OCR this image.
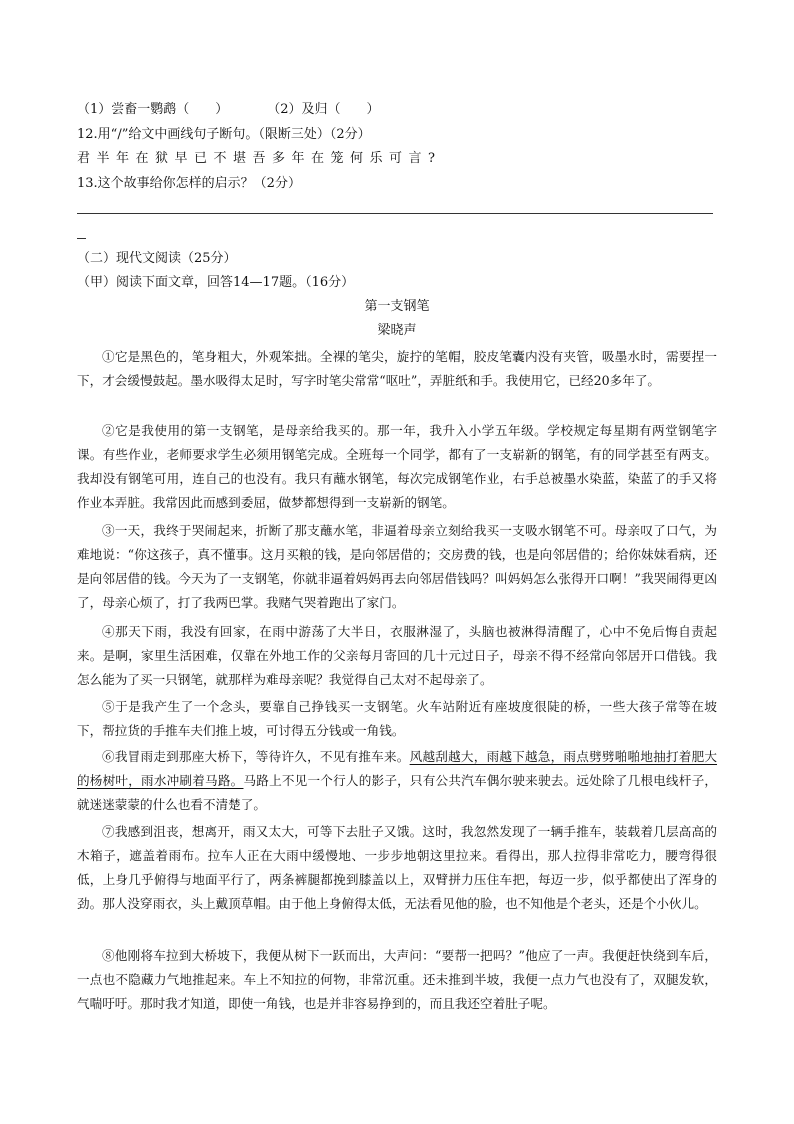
（1）尝畜一鹦鹉（　　）　　　　（2）及归（　　）
12.用“/”给文中画线句子断句。（限断三处）（2分）
君半年在狱早已不堪吾多年在笼何乐可言?
13.这个故事给你怎样的启示？（2分）
（二）现代文阅读（25分）
（甲）阅读下面文章，回答14—17题。（16分）
第一支钢笔
梁晓声

①它是黑色的，笔身粗大，外观笨拙。全裸的笔尖，旋拧的笔帽，胶皮笔囊内没有夹管，吸墨水时，需要捏一下，才会缓慢鼓起。墨水吸得太足时，写字时笔尖常常“呕吐”，弄脏纸和手。我使用它，已经20多年了。

②它是我使用的第一支钢笔，是母亲给我买的。那一年，我升入小学五年级。学校规定每星期有两堂钢笔字课。有些作业，老师要求学生必须用钢笔完成。全班每一个同学，都有了一支崭新的钢笔，有的同学甚至有两支。我却没有钢笔可用，连自己的也没有。我只有蘸水钢笔，每次完成钢笔作业，右手总被墨水染蓝，染蓝了的手又将作业本弄脏。我常因此而感到委屈，做梦都想得到一支崭新的钢笔。

③一天，我终于哭闹起来，折断了那支蘸水笔，非逼着母亲立刻给我买一支吸水钢笔不可。母亲叹了口气，为难地说：“你这孩子，真不懂事。这月买粮的钱，是向邻居借的；交房费的钱，也是向邻居借的；给你妹妹看病，还是向邻居借的钱。今天为了一支钢笔，你就非逼着妈妈再去向邻居借钱吗？叫妈妈怎么张得开口啊！”我哭闹得更凶了，母亲心烦了，打了我两巴掌。我赌气哭着跑出了家门。

④那天下雨，我没有回家，在雨中游荡了大半日，衣服淋湿了，头脑也被淋得清醒了，心中不免后悔自责起来。是啊，家里生活困难，仅靠在外地工作的父亲每月寄回的几十元过日子，母亲不得不经常向邻居开口借钱。我怎么能为了买一只钢笔，就那样为难母亲呢？我觉得自己太对不起母亲了。

⑤于是我产生了一个念头，要靠自己挣钱买一支钢笔。火车站附近有座坡度很陡的桥，一些大孩子常等在坡下，帮拉货的手推车夫们推上坡，可讨得五分钱或一角钱。

⑥我冒雨走到那座大桥下，等待许久，不见有推车来。风越刮越大，雨越下越急，雨点劈劈啪啪地抽打着肥大的杨树叶，雨水冲刷着马路。马路上不见一个行人的影子，只有公共汽车偶尔驶来驶去。远处除了几根电线杆子，就迷迷蒙蒙的什么也看不清楚了。

⑦我感到沮丧，想离开，雨又太大，可等下去肚子又饿。这时，我忽然发现了一辆手推车，装载着几层高高的木箱子，遮盖着雨布。拉车人正在大雨中缓慢地、一步步地朝这里拉来。看得出，那人拉得非常吃力，腰弯得很低，上身几乎俯得与地面平行了，两条裤腿都挽到膝盖以上，双臂拼力压住车把，每迈一步，似乎都使出了浑身的劲。那人没穿雨衣，头上戴顶草帽。由于他上身俯得太低，无法看见他的脸，也不知他是个老头，还是个小伙儿。

⑧他刚将车拉到大桥坡下，我便从树下一跃而出，大声问：“要帮一把吗？”他应了一声。我便赶快绕到车后，一点也不隐藏力气地推起来。车上不知拉的何物，非常沉重。还未推到半坡，我便一点力气也没有了，双腿发软，气喘吁吁。那时我才知道，即使一角钱，也是并非容易挣到的，而且我还空着肚子呢。
